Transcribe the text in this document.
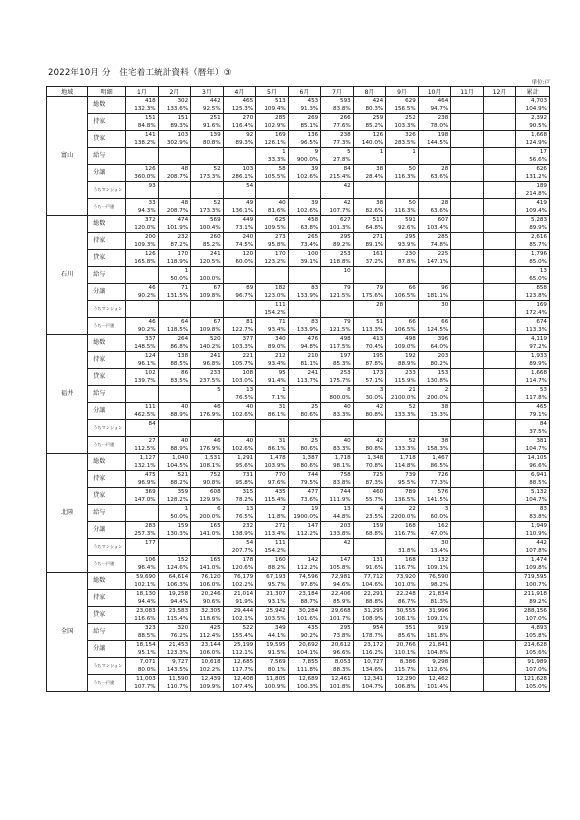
2022年10月 分　住宅着工統計資料（暦年）③
単位:戸
地域	明細	1月	2月	3月	4月	5月	6月	7月	8月	9月	10月	11月	12月	累計
富山	総数	418	302	442	465	513	453	593	424	629	464			4,703
		132.3%	133.6%	92.5%	125.3%	109.4%	91.3%	83.8%	80.3%	156.5%	94.7%			104.9%
	持家	151	151	251	270	285	269	266	259	252	238			2,392
		84.8%	89.3%	91.6%	116.4%	102.9%	85.1%	77.6%	85.2%	103.3%	78.0%			90.5%
	貸家	141	103	139	92	169	136	238	126	326	198			1,668
		138.2%	302.9%	80.8%	89.3%	126.1%	96.5%	77.3%	140.0%	283.5%	144.5%			124.9%
	給与					1	9	5	1	1				17
						33.3%	900.0%	27.8%						56.6%
	分譲	126	48	52	103	58	39	84	38	50	28			626
		360.0%	208.7%	173.3%	286.1%	105.5%	102.6%	215.4%	28.4%	116.3%	63.6%			131.2%
	うちマンション	93			54			42						189
														214.8%
	うち一戸建	33	48	52	49	40	39	42	38	50	28			419
		94.3%	208.7%	173.3%	136.1%	81.6%	102.6%	107.7%	82.6%	116.3%	63.6%			109.4%
石川	総数	372	474	569	449	625	458	627	511	591	607			5,283
		120.0%	101.9%	100.4%	73.1%	109.5%	63.8%	101.3%	64.8%	92.6%	103.4%			89.9%
	持家	200	232	260	240	273	265	295	271	295	285			2,616
		109.3%	87.2%	85.2%	74.5%	95.8%	73.4%	89.2%	89.1%	93.9%	74.8%			85.7%
	貸家	126	170	241	120	170	100	253	161	230	225			1,796
		165.8%	118.9%	120.5%	60.0%	123.2%	39.1%	118.8%	37.2%	87.8%	147.1%			85.0%
	給与		1					10						13
			50.0%	100.0%										65.0%
	分譲	46	71	67	89	182	83	79	79	66	96			858
		90.2%	131.5%	109.8%	96.7%	123.0%	133.9%	121.5%	175.6%	106.5%	181.1%			123.8%
	うちマンション					111			28		30			169
						154.2%								172.4%
	うち一戸建	46	64	67	81	71	83	79	51	66	66			674
		90.2%	118.5%	109.8%	122.7%	93.4%	133.9%	121.5%	113.3%	106.5%	124.5%			113.3%
福井	総数	337	264	520	377	340	476	498	413	498	396			4,119
		148.5%	86.8%	140.2%	103.3%	89.0%	94.8%	117.5%	70.4%	109.0%	64.0%			97.2%
	持家	124	138	241	221	212	210	197	195	192	203			1,933
		96.1%	88.5%	96.8%	105.7%	93.4%	81.1%	85.3%	87.8%	88.9%	80.2%			89.9%
	貸家	102	86	233	108	95	241	253	173	233	153			1,668
		139.7%	83.5%	237.5%	103.0%	91.4%	113.7%	175.7%	57.1%	115.9%	130.8%			114.7%
	給与			5	13	1		8	3	21	2			53
					76.5%	7.1%		800.0%	30.0%	2100.0%	200.0%			117.8%
	分譲	111	40	46	40	31	25	40	42	52	38			465
		462.5%	88.9%	176.9%	102.6%	86.1%	80.6%	83.3%	80.8%	133.3%	15.3%			79.1%
	うちマンション	84												84
														37.5%
	うち一戸建	27	40	46	40	31	25	40	42	52	38			381
		112.5%	88.9%	176.9%	102.6%	86.1%	80.6%	83.3%	80.8%	133.3%	158.3%			104.7%
北陸	総数	1,127	1,040	1,531	1,291	1,478	1,387	1,718	1,348	1,718	1,467			14,105
		132.1%	104.5%	108.1%	95.6%	103.9%	80.6%	98.1%	70.8%	114.8%	86.5%			96.6%
	持家	475	521	752	731	770	744	758	725	739	726			6,941
		96.9%	88.2%	90.8%	95.8%	97.6%	79.5%	83.8%	87.3%	95.5%	77.3%			88.5%
	貸家	369	359	608	315	435	477	744	460	789	576			5,132
		147.0%	128.2%	129.9%	78.2%	115.4%	73.6%	111.9%	55.7%	136.5%	141.5%			104.7%
	給与		1	6	13	2	19	13	4	22	3			83
			50.0%	200.0%	76.5%	11.8%	1900.0%	44.8%	23.5%	2200.0%	60.0%			83.8%
	分譲	283	159	165	232	271	147	203	159	168	162			1,949
		257.3%	130.3%	141.0%	138.9%	113.4%	112.2%	133.8%	68.8%	116.7%	47.0%			110.9%
	うちマンション	177			54	111		42			30			442
					207.7%	154.2%				31.8%	13.4%			107.8%
	うち一戸建	106	152	165	178	160	142	147	131	168	132			1,474
		96.4%	124.6%	141.0%	120.6%	88.2%	112.2%	105.8%	91.6%	116.7%	109.1%			109.8%
全国	総数	59,690	64,614	76,120	76,179	67,193	74,596	72,981	77,712	73,920	76,590			719,595
		102.1%	106.3%	106.0%	102.2%	95.7%	97.8%	94.6%	104.6%	101.0%	98.2%			100.7%
	持家	18,130	19,258	20,246	21,014	21,307	23,184	22,406	22,291	22,248	21,834			211,918
		94.4%	94.4%	90.6%	91.9%	93.1%	88.7%	85.9%	88.8%	86.7%	81.3%			89.2%
	貸家	23,083	23,583	32,305	29,444	25,942	30,284	29,668	31,295	30,555	31,996			288,156
		116.6%	115.4%	118.6%	102.1%	103.5%	101.6%	101.7%	108.9%	108.1%	109.1%			107.0%
	給与	323	320	425	522	349	435	295	954	351	919			4,893
		88.5%	76.2%	112.4%	155.4%	44.1%	90.2%	73.8%	178.7%	85.6%	181.8%			105.8%
	分譲	18,154	21,453	23,144	25,199	19,595	20,692	20,612	23,172	20,766	21,841			214,628
		95.1%	123.3%	106.0%	112.1%	91.5%	104.1%	96.6%	116.2%	110.1%	104.8%			105.6%
	うちマンション	7,071	9,727	10,618	12,685	7,569	7,855	8,053	10,727	8,386	9,298			91,989
		80.0%	143.5%	102.2%	117.7%	80.1%	111.8%	88.3%	134.6%	115.7%	112.6%			107.0%
	うち一戸建	11,003	11,590	12,439	12,408	11,805	12,689	12,461	12,341	12,290	12,462			121,628
		107.7%	110.7%	109.9%	107.4%	100.9%	100.3%	101.8%	104.7%	106.8%	101.4%			105.0%
